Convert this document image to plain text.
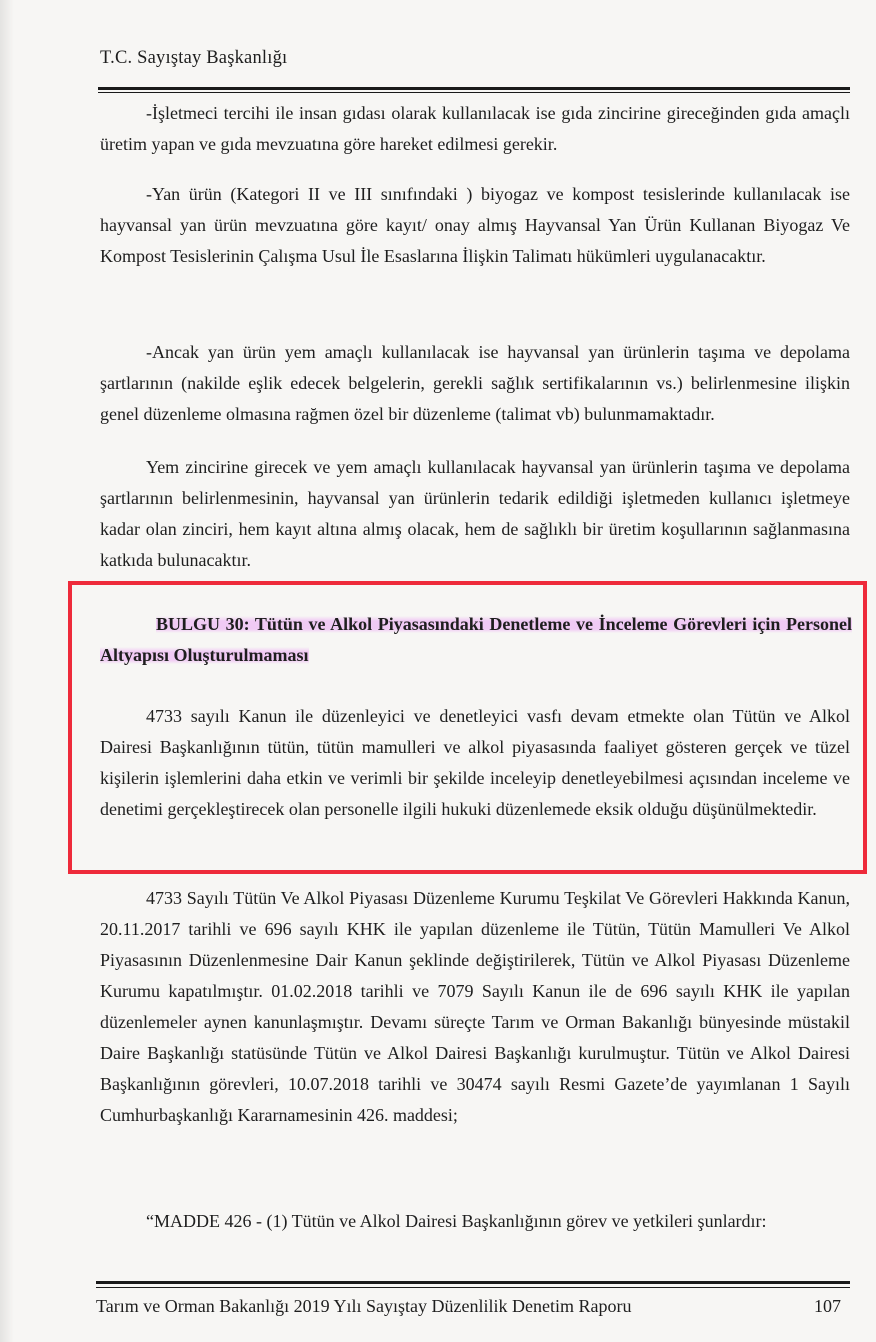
T.C. Sayıştay Başkanlığı

-İşletmeci tercihi ile insan gıdası olarak kullanılacak ise gıda zincirine gireceğinden gıda amaçlı üretim yapan ve gıda mevzuatına göre hareket edilmesi gerekir.

-Yan ürün (Kategori II ve III sınıfındaki ) biyogaz ve kompost tesislerinde kullanılacak ise hayvansal yan ürün mevzuatına göre kayıt/ onay almış Hayvansal Yan Ürün Kullanan Biyogaz Ve Kompost Tesislerinin Çalışma Usul İle Esaslarına İlişkin Talimatı hükümleri uygulanacaktır.

-Ancak yan ürün yem amaçlı kullanılacak ise hayvansal yan ürünlerin taşıma ve depolama şartlarının (nakilde eşlik edecek belgelerin, gerekli sağlık sertifikalarının vs.) belirlenmesine ilişkin genel düzenleme olmasına rağmen özel bir düzenleme (talimat vb) bulunmamaktadır.

Yem zincirine girecek ve yem amaçlı kullanılacak hayvansal yan ürünlerin taşıma ve depolama şartlarının belirlenmesinin, hayvansal yan ürünlerin tedarik edildiği işletmeden kullanıcı işletmeye kadar olan zinciri, hem kayıt altına almış olacak, hem de sağlıklı bir üretim koşullarının sağlanmasına katkıda bulunacaktır.

BULGU 30: Tütün ve Alkol Piyasasındaki Denetleme ve İnceleme Görevleri için Personel Altyapısı Oluşturulmaması

4733 sayılı Kanun ile düzenleyici ve denetleyici vasfı devam etmekte olan Tütün ve Alkol Dairesi Başkanlığının tütün, tütün mamulleri ve alkol piyasasında faaliyet gösteren gerçek ve tüzel kişilerin işlemlerini daha etkin ve verimli bir şekilde inceleyip denetleyebilmesi açısından inceleme ve denetimi gerçekleştirecek olan personelle ilgili hukuki düzenlemede eksik olduğu düşünülmektedir.

4733 Sayılı Tütün Ve Alkol Piyasası Düzenleme Kurumu Teşkilat Ve Görevleri Hakkında Kanun, 20.11.2017 tarihli ve 696 sayılı KHK ile yapılan düzenleme ile Tütün, Tütün Mamulleri Ve Alkol Piyasasının Düzenlenmesine Dair Kanun şeklinde değiştirilerek, Tütün ve Alkol Piyasası Düzenleme Kurumu kapatılmıştır. 01.02.2018 tarihli ve 7079 Sayılı Kanun ile de 696 sayılı KHK ile yapılan düzenlemeler aynen kanunlaşmıştır. Devamı süreçte Tarım ve Orman Bakanlığı bünyesinde müstakil Daire Başkanlığı statüsünde Tütün ve Alkol Dairesi Başkanlığı kurulmuştur. Tütün ve Alkol Dairesi Başkanlığının görevleri, 10.07.2018 tarihli ve 30474 sayılı Resmi Gazete’de yayımlanan 1 Sayılı Cumhurbaşkanlığı Kararnamesinin 426. maddesi;

“MADDE 426 - (1) Tütün ve Alkol Dairesi Başkanlığının görev ve yetkileri şunlardır:

Tarım ve Orman Bakanlığı 2019 Yılı Sayıştay Düzenlilik Denetim Raporu	107
